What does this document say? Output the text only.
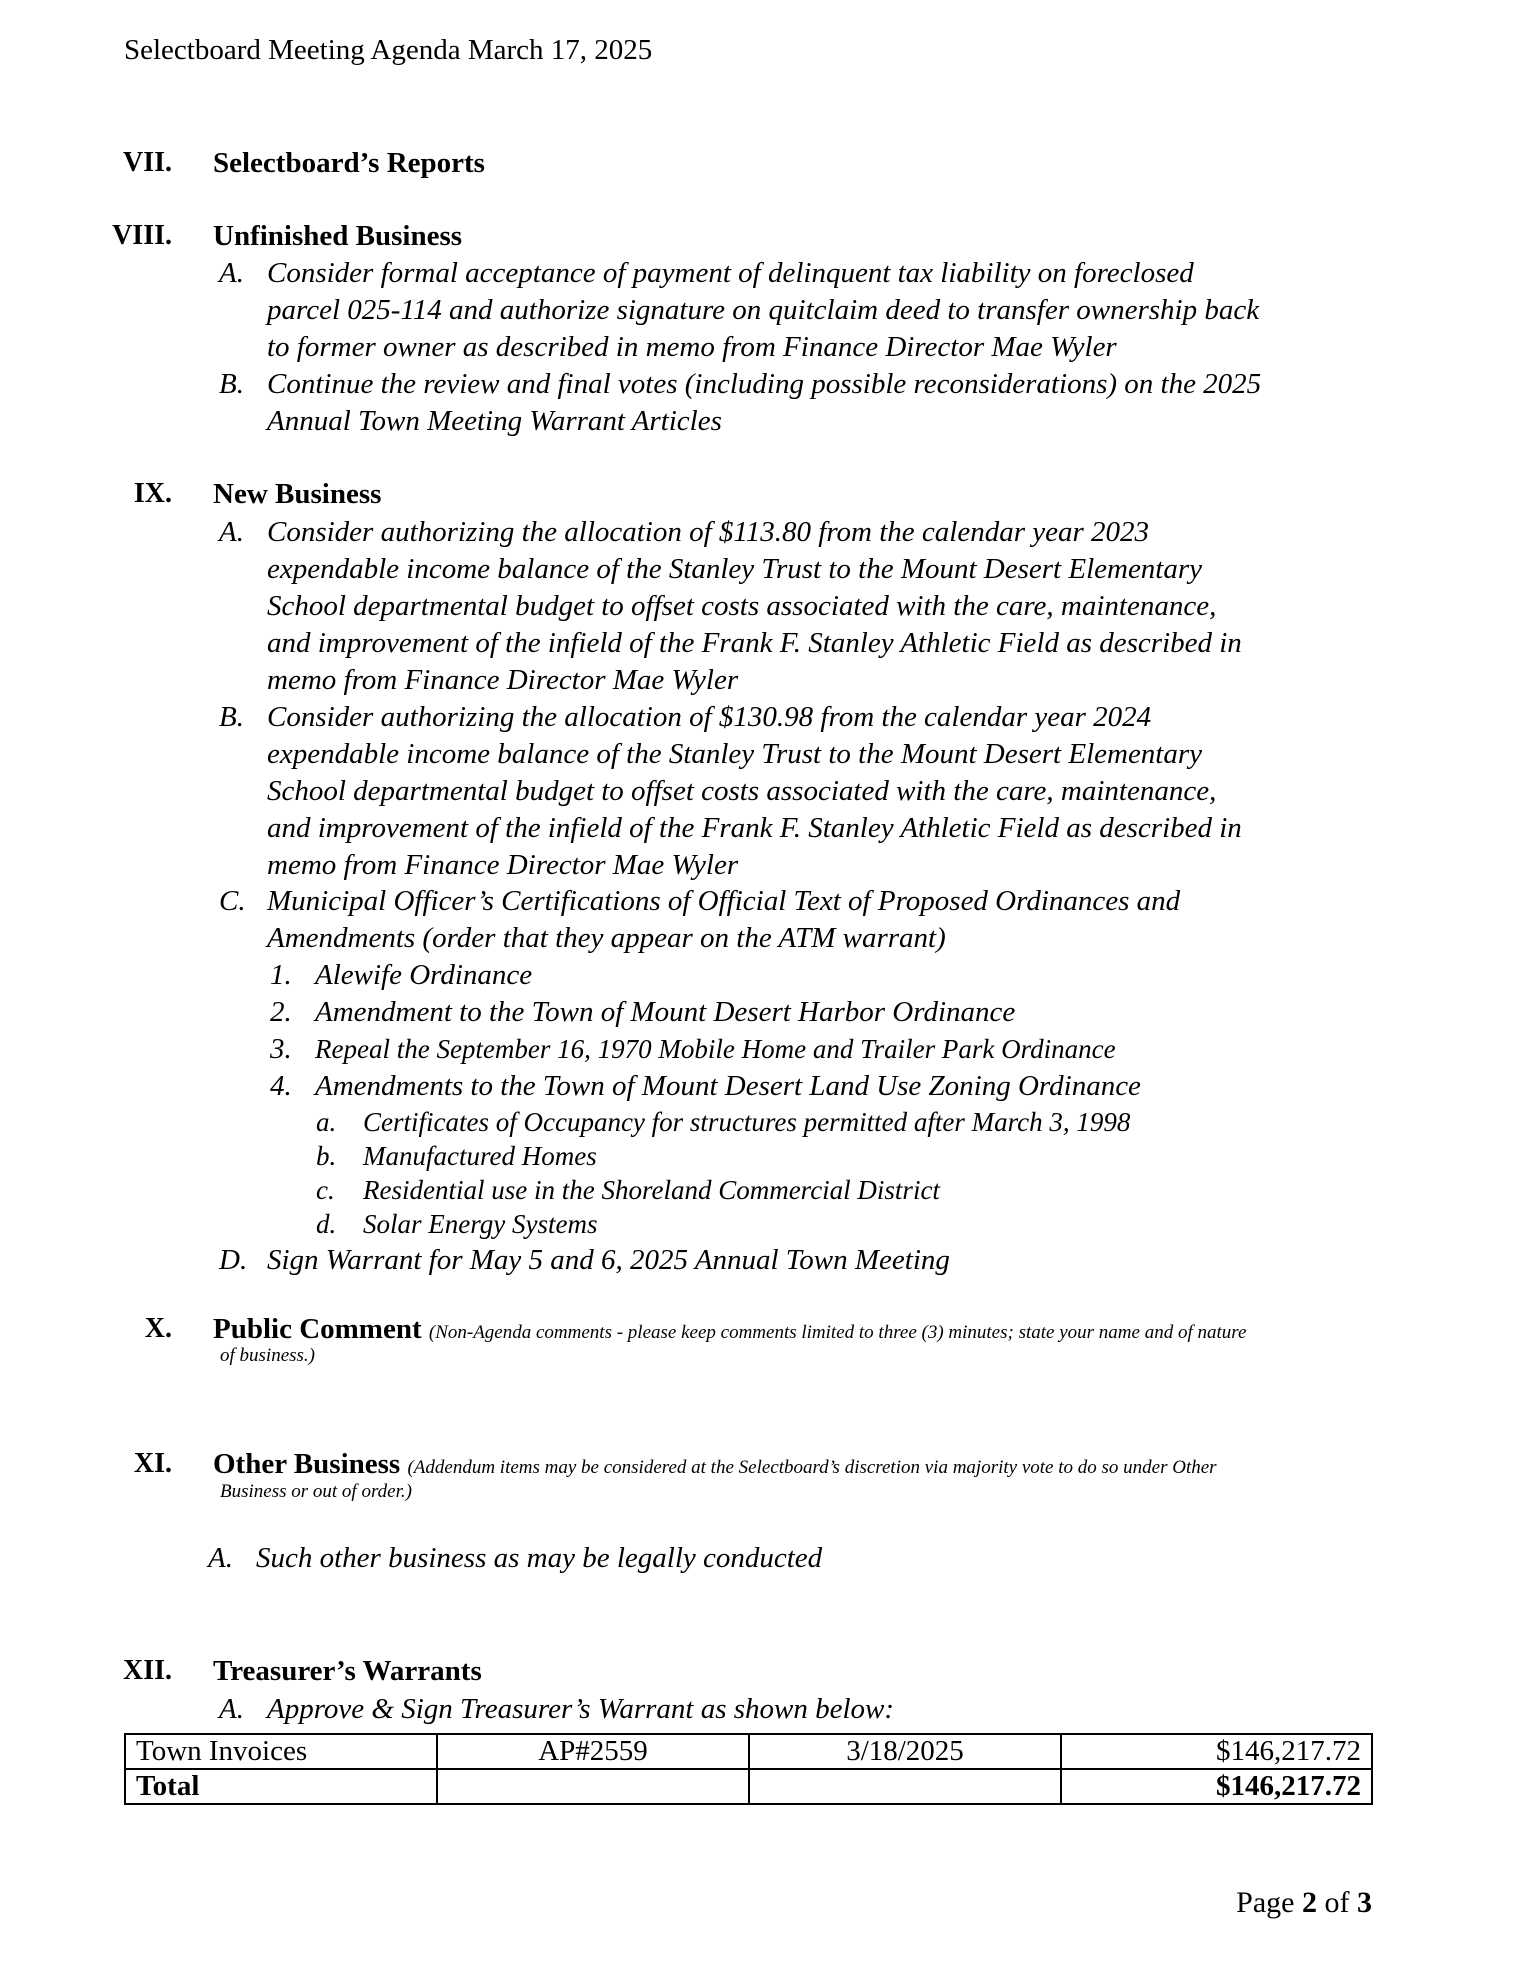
Selectboard Meeting Agenda March 17, 2025
VII. Selectboard’s Reports
VIII. Unfinished Business
A. Consider formal acceptance of payment of delinquent tax liability on foreclosed
parcel 025-114 and authorize signature on quitclaim deed to transfer ownership back
to former owner as described in memo from Finance Director Mae Wyler
B. Continue the review and final votes (including possible reconsiderations) on the 2025
Annual Town Meeting Warrant Articles
IX. New Business
A. Consider authorizing the allocation of $113.80 from the calendar year 2023
expendable income balance of the Stanley Trust to the Mount Desert Elementary
School departmental budget to offset costs associated with the care, maintenance,
and improvement of the infield of the Frank F. Stanley Athletic Field as described in
memo from Finance Director Mae Wyler
B. Consider authorizing the allocation of $130.98 from the calendar year 2024
expendable income balance of the Stanley Trust to the Mount Desert Elementary
School departmental budget to offset costs associated with the care, maintenance,
and improvement of the infield of the Frank F. Stanley Athletic Field as described in
memo from Finance Director Mae Wyler
C. Municipal Officer’s Certifications of Official Text of Proposed Ordinances and
Amendments (order that they appear on the ATM warrant)
1. Alewife Ordinance
2. Amendment to the Town of Mount Desert Harbor Ordinance
3. Repeal the September 16, 1970 Mobile Home and Trailer Park Ordinance
4. Amendments to the Town of Mount Desert Land Use Zoning Ordinance
a. Certificates of Occupancy for structures permitted after March 3, 1998
b. Manufactured Homes
c. Residential use in the Shoreland Commercial District
d. Solar Energy Systems
D. Sign Warrant for May 5 and 6, 2025 Annual Town Meeting
X. Public Comment (Non-Agenda comments - please keep comments limited to three (3) minutes; state your name and of nature
of business.)
XI. Other Business (Addendum items may be considered at the Selectboard’s discretion via majority vote to do so under Other
Business or out of order.)
A. Such other business as may be legally conducted
XII. Treasurer’s Warrants
A. Approve & Sign Treasurer’s Warrant as shown below:
Town Invoices	AP#2559	3/18/2025	$146,217.72
Total			$146,217.72
Page 2 of 3
